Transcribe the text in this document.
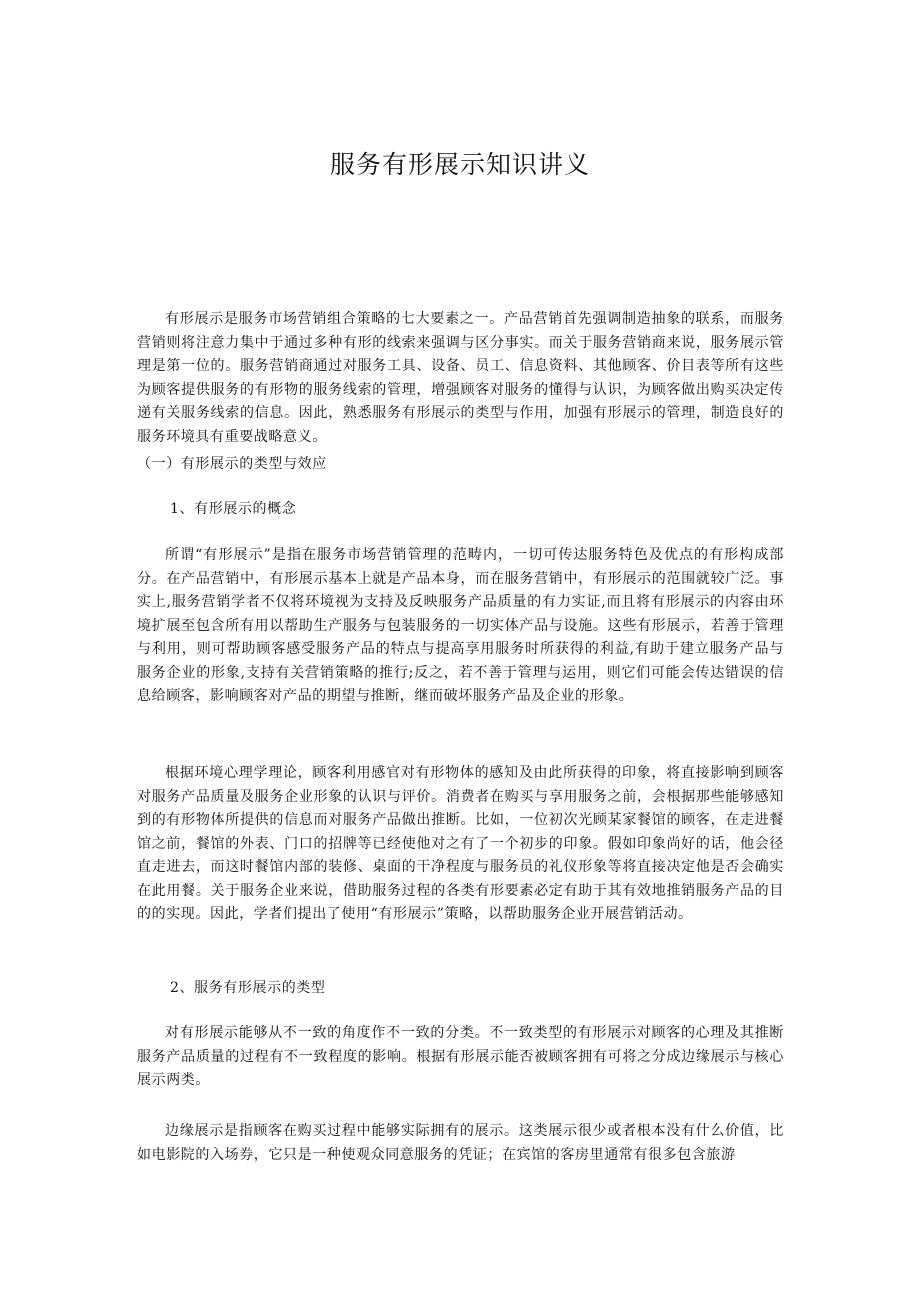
服务有形展示知识讲义

有形展示是服务市场营销组合策略的七大要素之一。产品营销首先强调制造抽象的联系，而服务营销则将注意力集中于通过多种有形的线索来强调与区分事实。而关于服务营销商来说，服务展示管理是第一位的。服务营销商通过对服务工具、设备、员工、信息资料、其他顾客、价目表等所有这些为顾客提供服务的有形物的服务线索的管理，增强顾客对服务的懂得与认识，为顾客做出购买决定传递有关服务线索的信息。因此，熟悉服务有形展示的类型与作用，加强有形展示的管理，制造良好的服务环境具有重要战略意义。

（一）有形展示的类型与效应
1、有形展示的概念

所谓“有形展示”是指在服务市场营销管理的范畴内，一切可传达服务特色及优点的有形构成部分。在产品营销中，有形展示基本上就是产品本身，而在服务营销中，有形展示的范围就较广泛。事实上,服务营销学者不仅将环境视为支持及反映服务产品质量的有力实证,而且将有形展示的内容由环境扩展至包含所有用以帮助生产服务与包装服务的一切实体产品与设施。这些有形展示，若善于管理与利用，则可帮助顾客感受服务产品的特点与提高享用服务时所获得的利益,有助于建立服务产品与服务企业的形象,支持有关营销策略的推行;反之，若不善于管理与运用，则它们可能会传达错误的信息给顾客，影响顾客对产品的期望与推断，继而破坏服务产品及企业的形象。

根据环境心理学理论，顾客利用感官对有形物体的感知及由此所获得的印象，将直接影响到顾客对服务产品质量及服务企业形象的认识与评价。消费者在购买与享用服务之前，会根据那些能够感知到的有形物体所提供的信息而对服务产品做出推断。比如，一位初次光顾某家餐馆的顾客，在走进餐馆之前，餐馆的外表、门口的招牌等已经使他对之有了一个初步的印象。假如印象尚好的话，他会径直走进去，而这时餐馆内部的装修、桌面的干净程度与服务员的礼仪形象等将直接决定他是否会确实在此用餐。关于服务企业来说，借助服务过程的各类有形要素必定有助于其有效地推销服务产品的目的的实现。因此，学者们提出了使用“有形展示”策略，以帮助服务企业开展营销活动。

2、服务有形展示的类型

对有形展示能够从不一致的角度作不一致的分类。不一致类型的有形展示对顾客的心理及其推断服务产品质量的过程有不一致程度的影响。根据有形展示能否被顾客拥有可将之分成边缘展示与核心展示两类。

边缘展示是指顾客在购买过程中能够实际拥有的展示。这类展示很少或者根本没有什么价值，比如电影院的入场券，它只是一种使观众同意服务的凭证；在宾馆的客房里通常有很多包含旅游
